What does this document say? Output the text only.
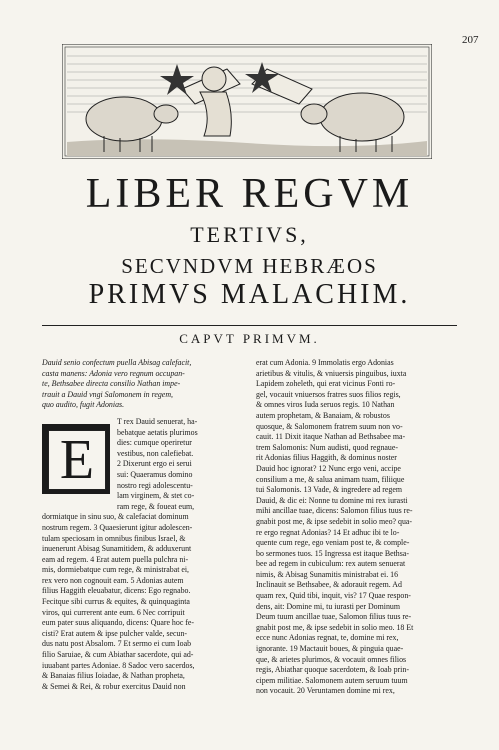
207
LIBER REGVM
TERTIVS,
SECVNDVM HEBRÆOS
PRIMVS MALACHIM.
CAPVT PRIMVM.
Dauid senio confectum puella Abisag calefacit,
casta manens: Adonia vero regnum occupan-
te, Bethsabee directa consilio Nathan impe-
trauit a Dauid vngi Salomonem in regem,
quo audito, fugit Adonias.
T rex Dauid senuerat, ha-
bebatque aetatis plurimos
dies: cumque operiretur
vestibus, non calefiebat.
2 Dixerunt ergo ei serui
sui: Quaeramus domino
nostro regi adolescentu-
lam virginem, & stet co-
ram rege, & foueat eum,
dormiatque in sinu suo, & calefaciat dominum
nostrum regem. 3 Quaesierunt igitur adolescen-
tulam speciosam in omnibus finibus Israel, &
inuenerunt Abisag Sunamitidem, & adduxerunt
eam ad regem. 4 Erat autem puella pulchra ni-
mis, dormiebatque cum rege, & ministrabat ei,
rex vero non cognouit eam. 5 Adonias autem
filius Haggith eleuabatur, dicens: Ego regnabo.
Fecitque sibi currus & equites, & quinquaginta
viros, qui currerent ante eum. 6 Nec corripuit
eum pater suus aliquando, dicens: Quare hoc fe-
cisti? Erat autem & ipse pulcher valde, secun-
dus natu post Absalom. 7 Et sermo ei cum Ioab
filio Saruiae, & cum Abiathar sacerdote, qui ad-
iuuabant partes Adoniae. 8 Sadoc vero sacerdos,
& Banaias filius Ioiadae, & Nathan propheta,
& Semei & Rei, & robur exercitus Dauid non
E
erat cum Adonia. 9 Immolatis ergo Adonias
arietibus & vitulis, & vniuersis pinguibus, iuxta
Lapidem zoheleth, qui erat vicinus Fonti ro-
gel, vocauit vniuersos fratres suos filios regis,
& omnes viros Iuda seruos regis. 10 Nathan
autem prophetam, & Banaiam, & robustos
quosque, & Salomonem fratrem suum non vo-
cauit. 11 Dixit itaque Nathan ad Bethsabee ma-
trem Salomonis: Num audisti, quod regnaue-
rit Adonias filius Haggith, & dominus noster
Dauid hoc ignorat? 12 Nunc ergo veni, accipe
consilium a me, & salua animam tuam, filiique
tui Salomonis. 13 Vade, & ingredere ad regem
Dauid, & dic ei: Nonne tu domine mi rex iurasti
mihi ancillae tuae, dicens: Salomon filius tuus re-
gnabit post me, & ipse sedebit in solio meo? qua-
re ergo regnat Adonias? 14 Et adhuc ibi te lo-
quente cum rege, ego veniam post te, & comple-
bo sermones tuos. 15 Ingressa est itaque Bethsa-
bee ad regem in cubiculum: rex autem senuerat
nimis, & Abisag Sunamitis ministrabat ei. 16
Inclinauit se Bethsabee, & adorauit regem. Ad
quam rex, Quid tibi, inquit, vis? 17 Quae respon-
dens, ait: Domine mi, tu iurasti per Dominum
Deum tuum ancillae tuae, Salomon filius tuus re-
gnabit post me, & ipse sedebit in solio meo. 18 Et
ecce nunc Adonias regnat, te, domine mi rex,
ignorante. 19 Mactauit boues, & pinguia quae-
que, & arietes plurimos, & vocauit omnes filios
regis, Abiathar quoque sacerdotem, & Ioab prin-
cipem militiae. Salomonem autem seruum tuum
non vocauit. 20 Veruntamen domine mi rex,
